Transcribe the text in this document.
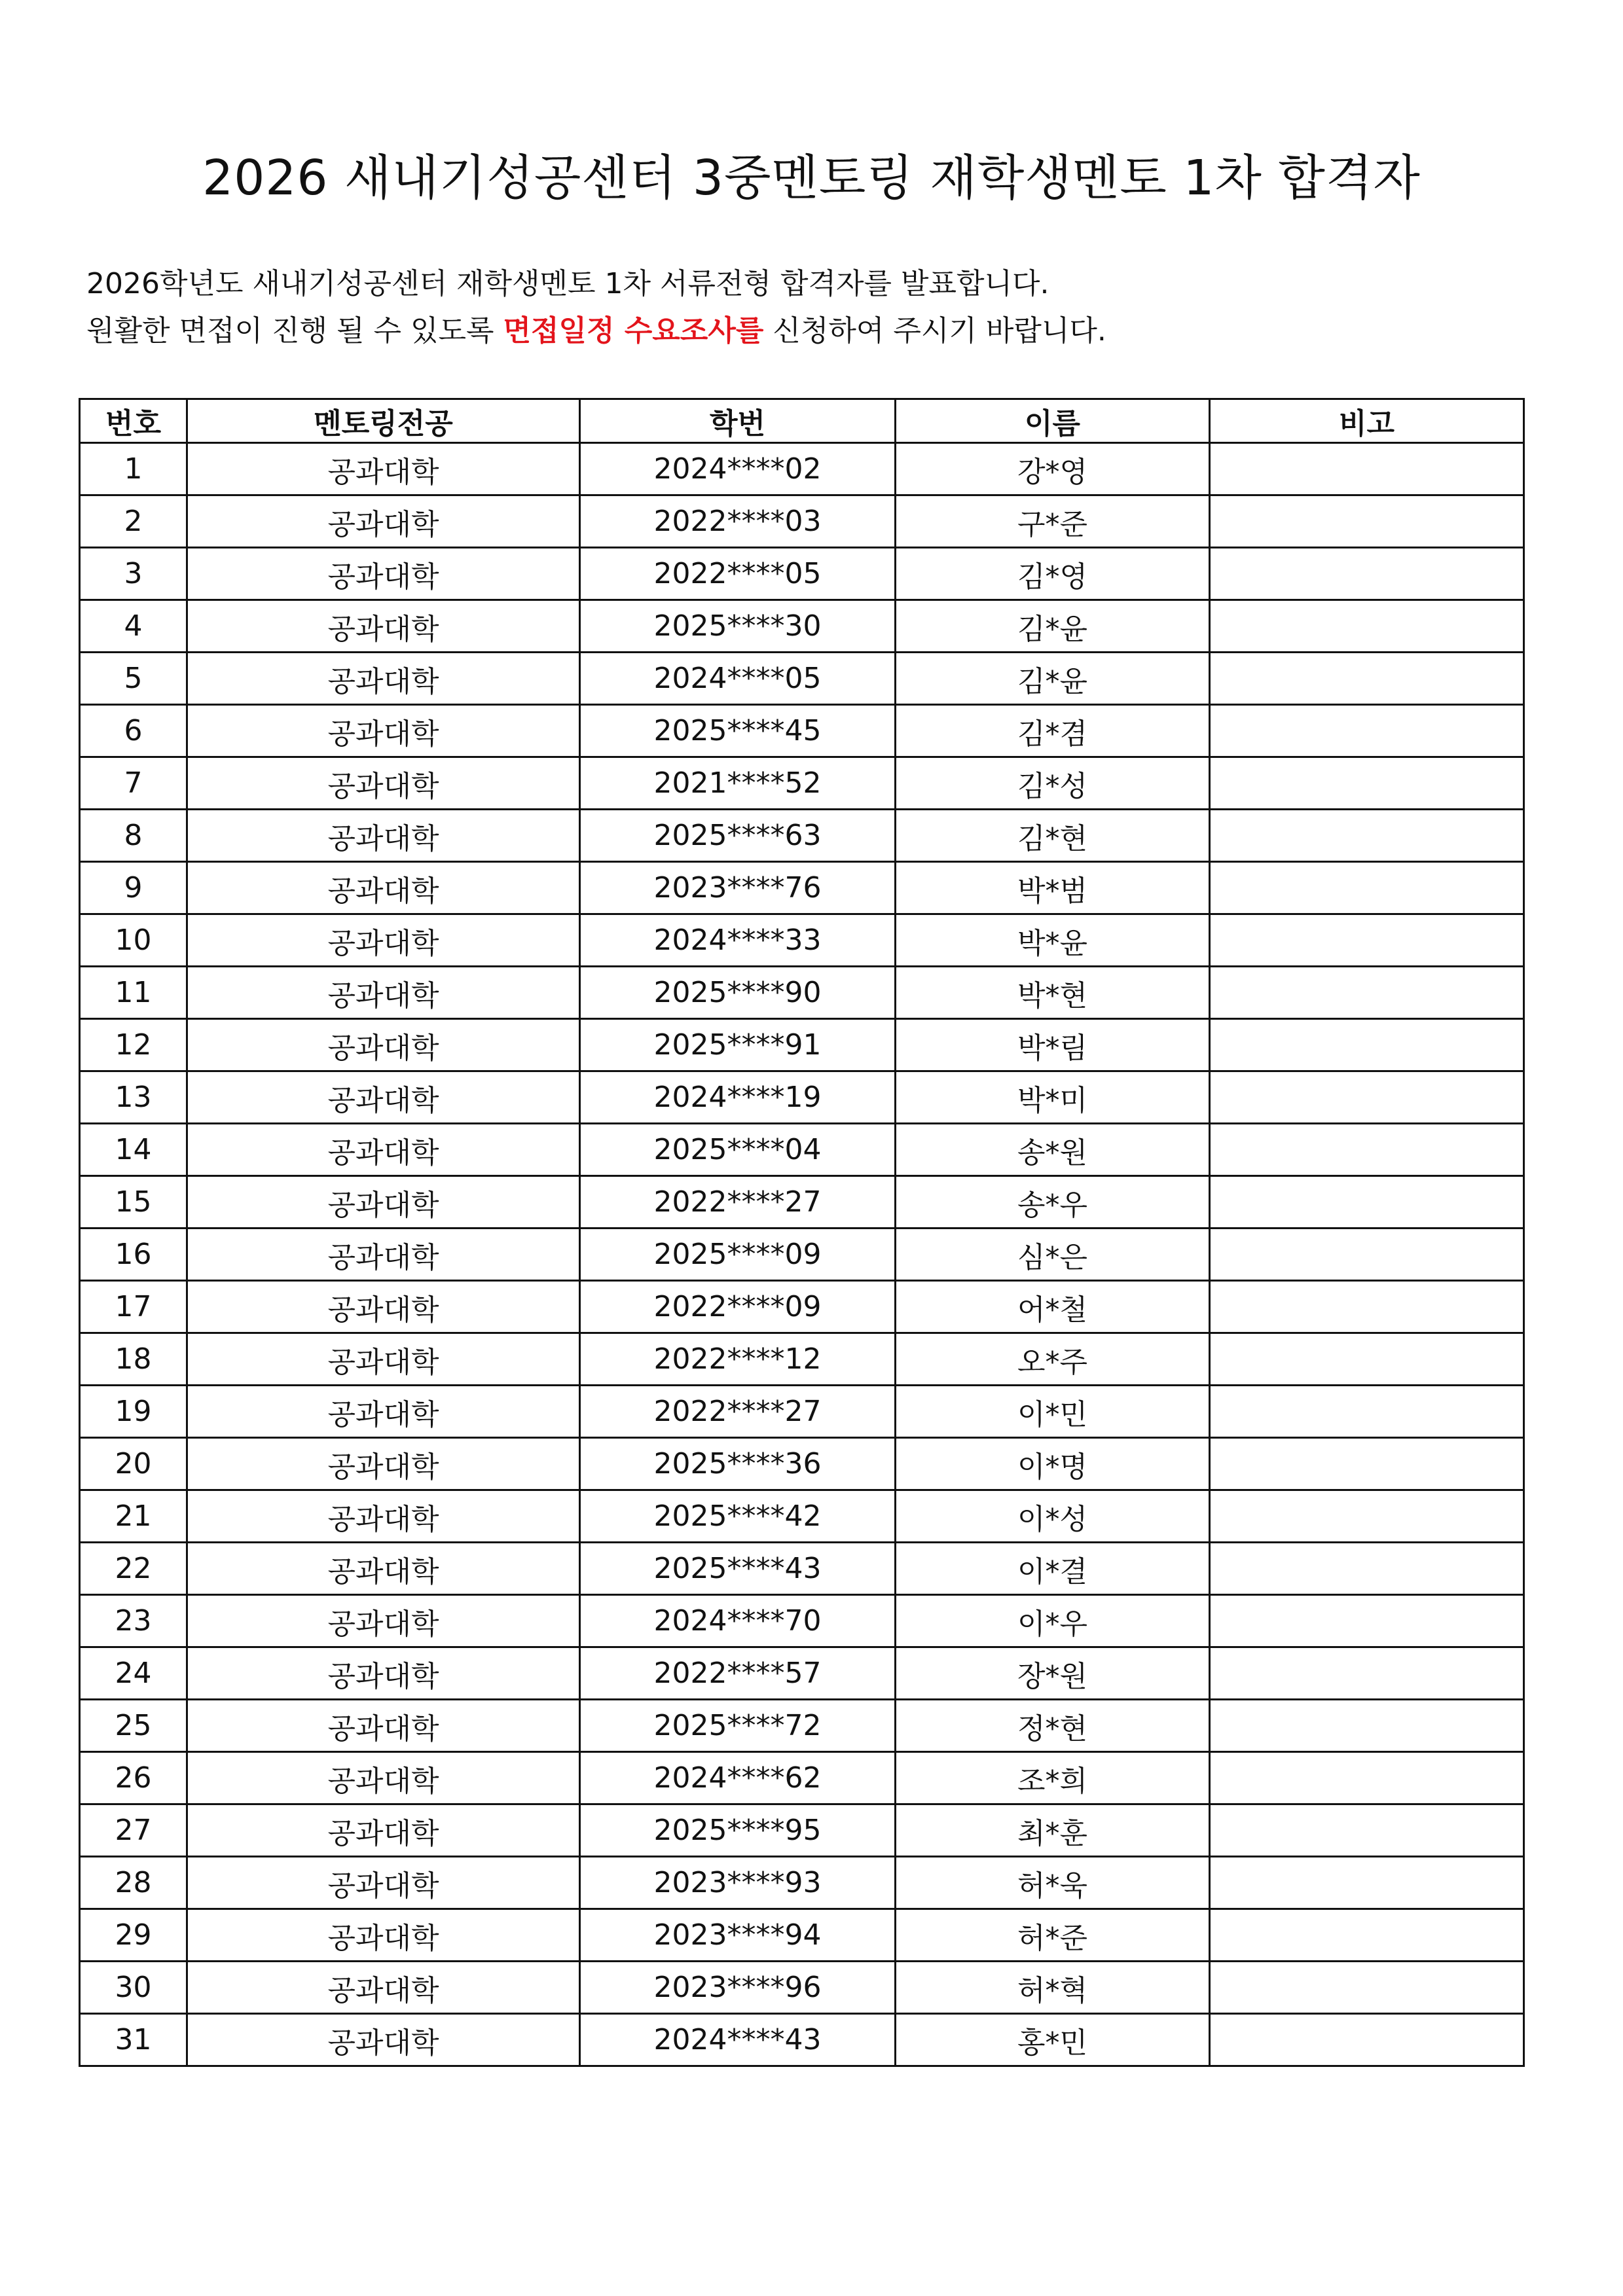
2026 새내기성공센터 3중멘토링 재학생멘토 1차 합격자
2026학년도 새내기성공센터 재학생멘토 1차 서류전형 합격자를 발표합니다.
원활한 면접이 진행 될 수 있도록 면접일정 수요조사를 신청하여 주시기 바랍니다.
번호	멘토링전공	학번	이름	비고
1	공과대학	2024****02	강*영	
2	공과대학	2022****03	구*준	
3	공과대학	2022****05	김*영	
4	공과대학	2025****30	김*윤	
5	공과대학	2024****05	김*윤	
6	공과대학	2025****45	김*겸	
7	공과대학	2021****52	김*성	
8	공과대학	2025****63	김*현	
9	공과대학	2023****76	박*범	
10	공과대학	2024****33	박*윤	
11	공과대학	2025****90	박*현	
12	공과대학	2025****91	박*림	
13	공과대학	2024****19	박*미	
14	공과대학	2025****04	송*원	
15	공과대학	2022****27	송*우	
16	공과대학	2025****09	심*은	
17	공과대학	2022****09	어*철	
18	공과대학	2022****12	오*주	
19	공과대학	2022****27	이*민	
20	공과대학	2025****36	이*명	
21	공과대학	2025****42	이*성	
22	공과대학	2025****43	이*결	
23	공과대학	2024****70	이*우	
24	공과대학	2022****57	장*원	
25	공과대학	2025****72	정*현	
26	공과대학	2024****62	조*희	
27	공과대학	2025****95	최*훈	
28	공과대학	2023****93	허*욱	
29	공과대학	2023****94	허*준	
30	공과대학	2023****96	허*혁	
31	공과대학	2024****43	홍*민	
